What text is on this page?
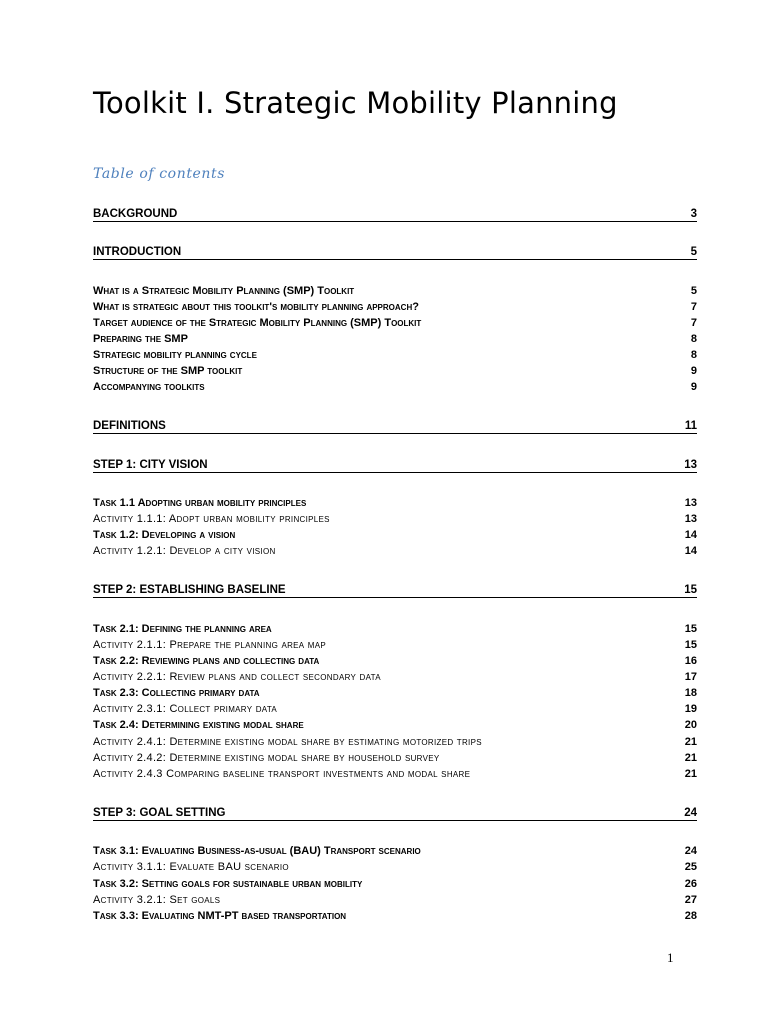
Toolkit I. Strategic Mobility Planning
Table of contents
BACKGROUND	3
INTRODUCTION	5
What is a Strategic Mobility Planning (SMP) Toolkit	5
What is strategic about this toolkit's mobility planning approach?	7
Target audience of the Strategic Mobility Planning (SMP) Toolkit	7
Preparing the SMP	8
Strategic mobility planning cycle	8
Structure of the SMP toolkit	9
Accompanying toolkits	9
DEFINITIONS	11
STEP 1: CITY VISION	13
Task 1.1 Adopting urban mobility principles	13
Activity 1.1.1: Adopt urban mobility principles	13
Task 1.2: Developing a vision	14
Activity 1.2.1: Develop a city vision	14
STEP 2: ESTABLISHING BASELINE	15
Task 2.1: Defining the planning area	15
Activity 2.1.1: Prepare the planning area map	15
Task 2.2: Reviewing plans and collecting data	16
Activity 2.2.1: Review plans and collect secondary data	17
Task 2.3: Collecting primary data	18
Activity 2.3.1: Collect primary data	19
Task 2.4: Determining existing modal share	20
Activity 2.4.1: Determine existing modal share by estimating motorized trips	21
Activity 2.4.2: Determine existing modal share by household survey	21
Activity 2.4.3 Comparing baseline transport investments and modal share	21
STEP 3: GOAL SETTING	24
Task 3.1: Evaluating Business-as-usual (BAU) Transport scenario	24
Activity 3.1.1: Evaluate BAU scenario	25
Task 3.2: Setting goals for sustainable urban mobility	26
Activity 3.2.1: Set goals	27
Task 3.3: Evaluating NMT-PT based transportation	28
1
